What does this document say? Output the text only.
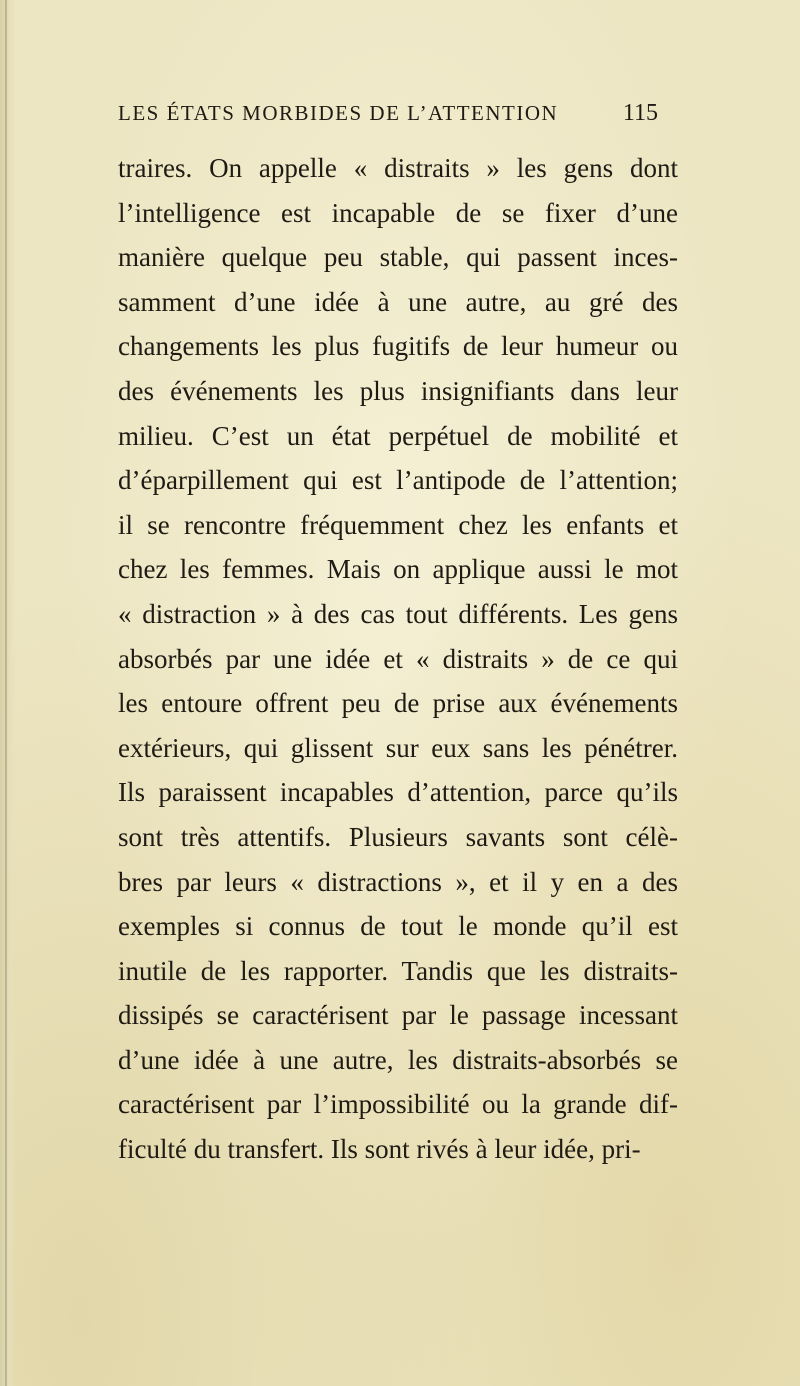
LES ÉTATS MORBIDES DE L’ATTENTION	115
traires. On appelle « distraits » les gens dont
l’intelligence est incapable de se fixer d’une
manière quelque peu stable, qui passent inces-
samment d’une idée à une autre, au gré des
changements les plus fugitifs de leur humeur ou
des événements les plus insignifiants dans leur
milieu. C’est un état perpétuel de mobilité et
d’éparpillement qui est l’antipode de l’attention;
il se rencontre fréquemment chez les enfants et
chez les femmes. Mais on applique aussi le mot
« distraction » à des cas tout différents. Les gens
absorbés par une idée et « distraits » de ce qui
les entoure offrent peu de prise aux événements
extérieurs, qui glissent sur eux sans les pénétrer.
Ils paraissent incapables d’attention, parce qu’ils
sont très attentifs. Plusieurs savants sont célè-
bres par leurs « distractions », et il y en a des
exemples si connus de tout le monde qu’il est
inutile de les rapporter. Tandis que les distraits-
dissipés se caractérisent par le passage incessant
d’une idée à une autre, les distraits-absorbés se
caractérisent par l’impossibilité ou la grande dif-
ficulté du transfert. Ils sont rivés à leur idée, pri-
